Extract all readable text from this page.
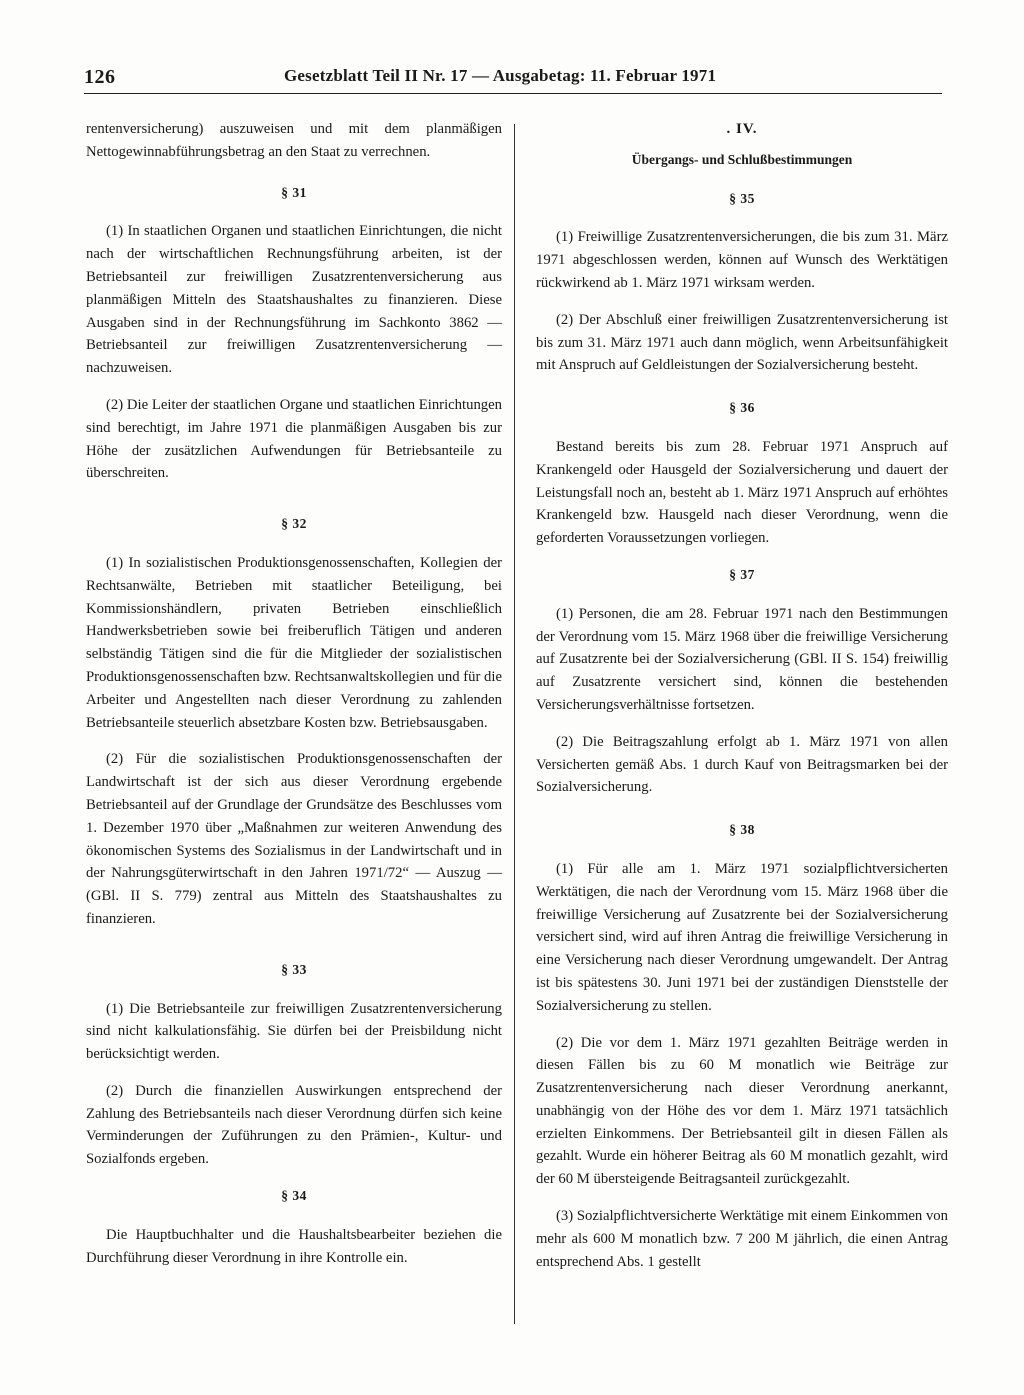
126	Gesetzblatt Teil II Nr. 17 — Ausgabetag: 11. Februar 1971

rentenversicherung) auszuweisen und mit dem planmäßigen Nettogewinnabführungsbetrag an den Staat zu verrechnen.

§ 31

(1) In staatlichen Organen und staatlichen Einrichtungen, die nicht nach der wirtschaftlichen Rechnungsführung arbeiten, ist der Betriebsanteil zur freiwilligen Zusatzrentenversicherung aus planmäßigen Mitteln des Staatshaushaltes zu finanzieren. Diese Ausgaben sind in der Rechnungsführung im Sachkonto 3862 — Betriebsanteil zur freiwilligen Zusatzrentenversicherung — nachzuweisen.

(2) Die Leiter der staatlichen Organe und staatlichen Einrichtungen sind berechtigt, im Jahre 1971 die planmäßigen Ausgaben bis zur Höhe der zusätzlichen Aufwendungen für Betriebsanteile zu überschreiten.

§ 32

(1) In sozialistischen Produktionsgenossenschaften, Kollegien der Rechtsanwälte, Betrieben mit staatlicher Beteiligung, bei Kommissionshändlern, privaten Betrieben einschließlich Handwerksbetrieben sowie bei freiberuflich Tätigen und anderen selbständig Tätigen sind die für die Mitglieder der sozialistischen Produktionsgenossenschaften bzw. Rechtsanwaltskollegien und für die Arbeiter und Angestellten nach dieser Verordnung zu zahlenden Betriebsanteile steuerlich absetzbare Kosten bzw. Betriebsausgaben.

(2) Für die sozialistischen Produktionsgenossenschaften der Landwirtschaft ist der sich aus dieser Verordnung ergebende Betriebsanteil auf der Grundlage der Grundsätze des Beschlusses vom 1. Dezember 1970 über „Maßnahmen zur weiteren Anwendung des ökonomischen Systems des Sozialismus in der Landwirtschaft und in der Nahrungsgüterwirtschaft in den Jahren 1971/72“ — Auszug — (GBl. II S. 779) zentral aus Mitteln des Staatshaushaltes zu finanzieren.

§ 33

(1) Die Betriebsanteile zur freiwilligen Zusatzrentenversicherung sind nicht kalkulationsfähig. Sie dürfen bei der Preisbildung nicht berücksichtigt werden.

(2) Durch die finanziellen Auswirkungen entsprechend der Zahlung des Betriebsanteils nach dieser Verordnung dürfen sich keine Verminderungen der Zuführungen zu den Prämien-, Kultur- und Sozialfonds ergeben.

§ 34

Die Hauptbuchhalter und die Haushaltsbearbeiter beziehen die Durchführung dieser Verordnung in ihre Kontrolle ein.

. IV.
Übergangs- und Schlußbestimmungen
§ 35

(1) Freiwillige Zusatzrentenversicherungen, die bis zum 31. März 1971 abgeschlossen werden, können auf Wunsch des Werktätigen rückwirkend ab 1. März 1971 wirksam werden.

(2) Der Abschluß einer freiwilligen Zusatzrentenversicherung ist bis zum 31. März 1971 auch dann möglich, wenn Arbeitsunfähigkeit mit Anspruch auf Geldleistungen der Sozialversicherung besteht.

§ 36

Bestand bereits bis zum 28. Februar 1971 Anspruch auf Krankengeld oder Hausgeld der Sozialversicherung und dauert der Leistungsfall noch an, besteht ab 1. März 1971 Anspruch auf erhöhtes Krankengeld bzw. Hausgeld nach dieser Verordnung, wenn die geforderten Voraussetzungen vorliegen.

§ 37

(1) Personen, die am 28. Februar 1971 nach den Bestimmungen der Verordnung vom 15. März 1968 über die freiwillige Versicherung auf Zusatzrente bei der Sozialversicherung (GBl. II S. 154) freiwillig auf Zusatzrente versichert sind, können die bestehenden Versicherungsverhältnisse fortsetzen.

(2) Die Beitragszahlung erfolgt ab 1. März 1971 von allen Versicherten gemäß Abs. 1 durch Kauf von Beitragsmarken bei der Sozialversicherung.

§ 38

(1) Für alle am 1. März 1971 sozialpflichtversicherten Werktätigen, die nach der Verordnung vom 15. März 1968 über die freiwillige Versicherung auf Zusatzrente bei der Sozialversicherung versichert sind, wird auf ihren Antrag die freiwillige Versicherung in eine Versicherung nach dieser Verordnung umgewandelt. Der Antrag ist bis spätestens 30. Juni 1971 bei der zuständigen Dienststelle der Sozialversicherung zu stellen.

(2) Die vor dem 1. März 1971 gezahlten Beiträge werden in diesen Fällen bis zu 60 M monatlich wie Beiträge zur Zusatzrentenversicherung nach dieser Verordnung anerkannt, unabhängig von der Höhe des vor dem 1. März 1971 tatsächlich erzielten Einkommens. Der Betriebsanteil gilt in diesen Fällen als gezahlt. Wurde ein höherer Beitrag als 60 M monatlich gezahlt, wird der 60 M übersteigende Beitragsanteil zurückgezahlt.

(3) Sozialpflichtversicherte Werktätige mit einem Einkommen von mehr als 600 M monatlich bzw. 7 200 M jährlich, die einen Antrag entsprechend Abs. 1 gestellt
